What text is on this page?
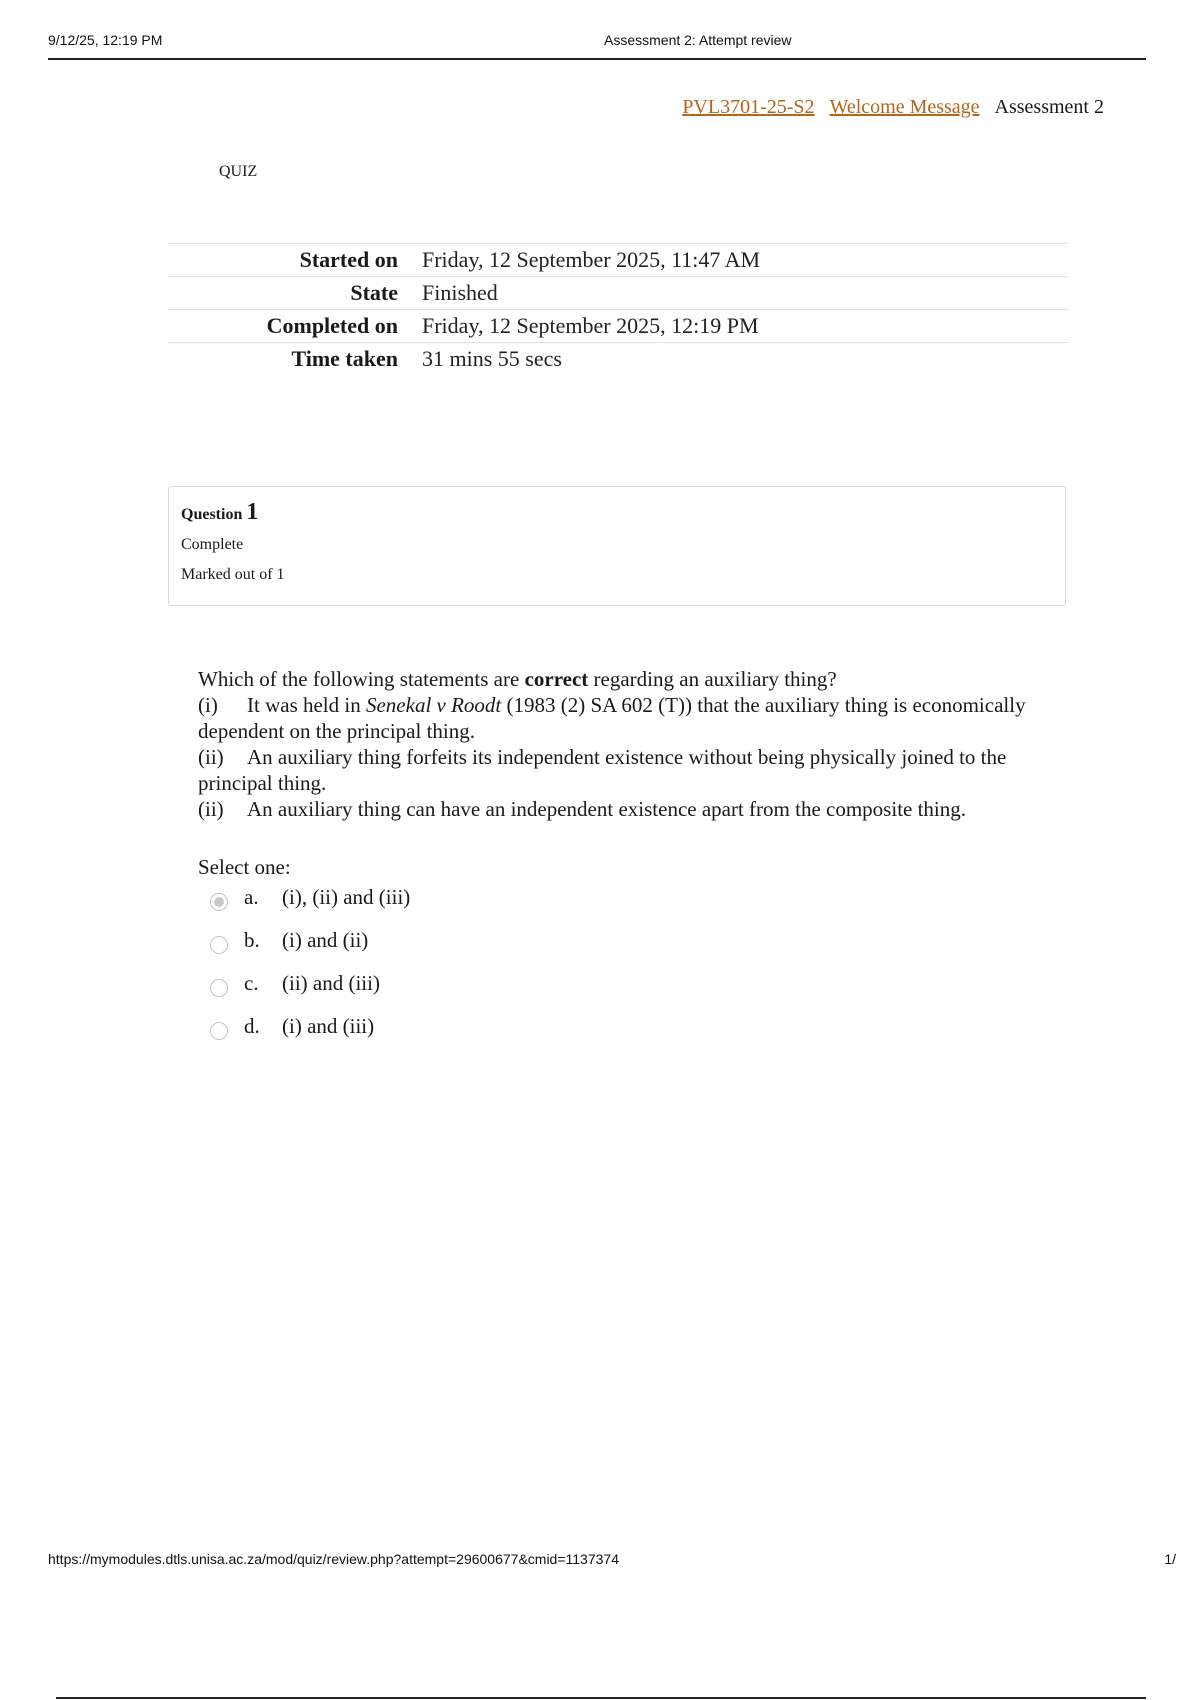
9/12/25, 12:19 PM	Assessment 2: Attempt review
PVL3701-25-S2 Welcome Message Assessment 2
QUIZ
Started on	Friday, 12 September 2025, 11:47 AM
State	Finished
Completed on	Friday, 12 September 2025, 12:19 PM
Time taken	31 mins 55 secs
Question 1
Complete
Marked out of 1

Which of the following statements are correct regarding an auxiliary thing?

(i) It was held in Senekal v Roodt (1983 (2) SA 602 (T)) that the auxiliary thing is economically dependent on the principal thing.

(ii) An auxiliary thing forfeits its independent existence without being physically joined to the principal thing.

(ii) An auxiliary thing can have an independent existence apart from the composite thing.

Select one:
a. (i), (ii) and (iii)
b. (i) and (ii)
c. (ii) and (iii)
d. (i) and (iii)
https://mymodules.dtls.unisa.ac.za/mod/quiz/review.php?attempt=29600677&cmid=1137374	1/
